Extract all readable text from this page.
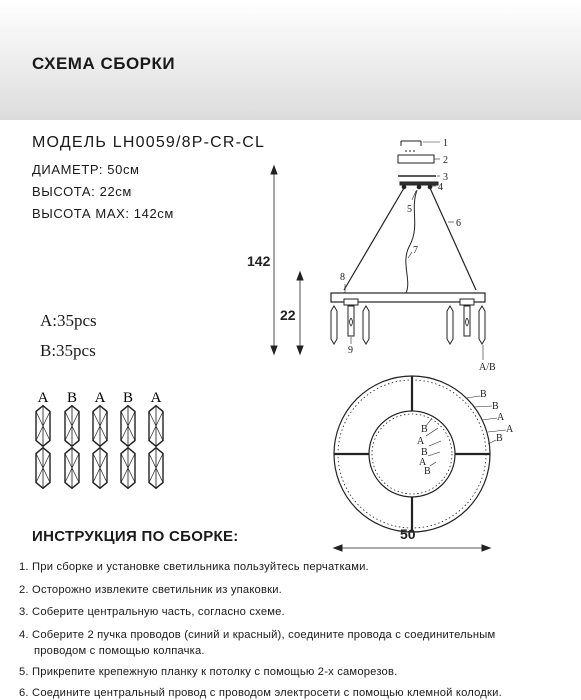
СХЕМА СБОРКИ
МОДЕЛЬ LH0059/8P-CR-CL
ДИАМЕТР: 50см
ВЫСОТА: 22см
ВЫСОТА MAX: 142см
A:35pcs
B:35pcs
A B A B A
1
2
3
4
5
6
7
8
9
A/B
142
22
B
B
A
A
B
B
A
B
A
B
50
ИНСТРУКЦИЯ ПО СБОРКЕ:
1. При сборке и установке светильника пользуйтесь перчатками.
2. Осторожно извлеките светильник из упаковки.
3. Соберите центральную часть, согласно схеме.
4. Соберите 2 пучка проводов (синий и красный), соедините провода с соединительным
проводом с помощью колпачка.
5. Прикрепите крепежную планку к потолку с помощью 2-х саморезов.
6. Соедините центральный провод с проводом электросети с помощью клемной колодки.
